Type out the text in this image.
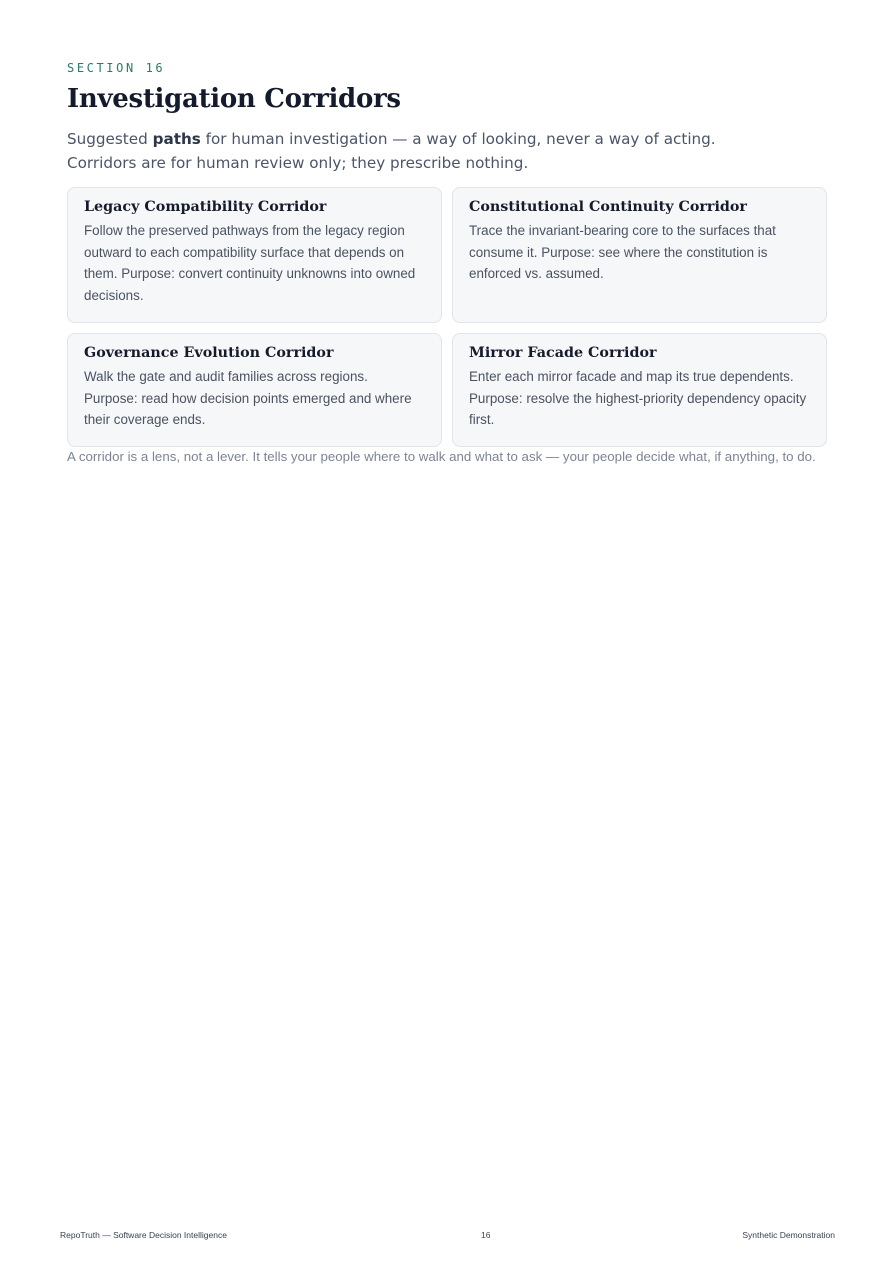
SECTION 16
Investigation Corridors
Suggested paths for human investigation — a way of looking, never a way of acting. Corridors are for human review only; they prescribe nothing.
Legacy Compatibility Corridor

Follow the preserved pathways from the legacy region outward to each compatibility surface that depends on them. Purpose: convert continuity unknowns into owned decisions.

Constitutional Continuity Corridor

Trace the invariant-bearing core to the surfaces that consume it. Purpose: see where the constitution is enforced vs. assumed.

Governance Evolution Corridor

Walk the gate and audit families across regions. Purpose: read how decision points emerged and where their coverage ends.

Mirror Facade Corridor

Enter each mirror facade and map its true dependents. Purpose: resolve the highest-priority dependency opacity first.

A corridor is a lens, not a lever. It tells your people where to walk and what to ask — your people decide what, if anything, to do.
RepoTruth — Software Decision Intelligence	16	Synthetic Demonstration
